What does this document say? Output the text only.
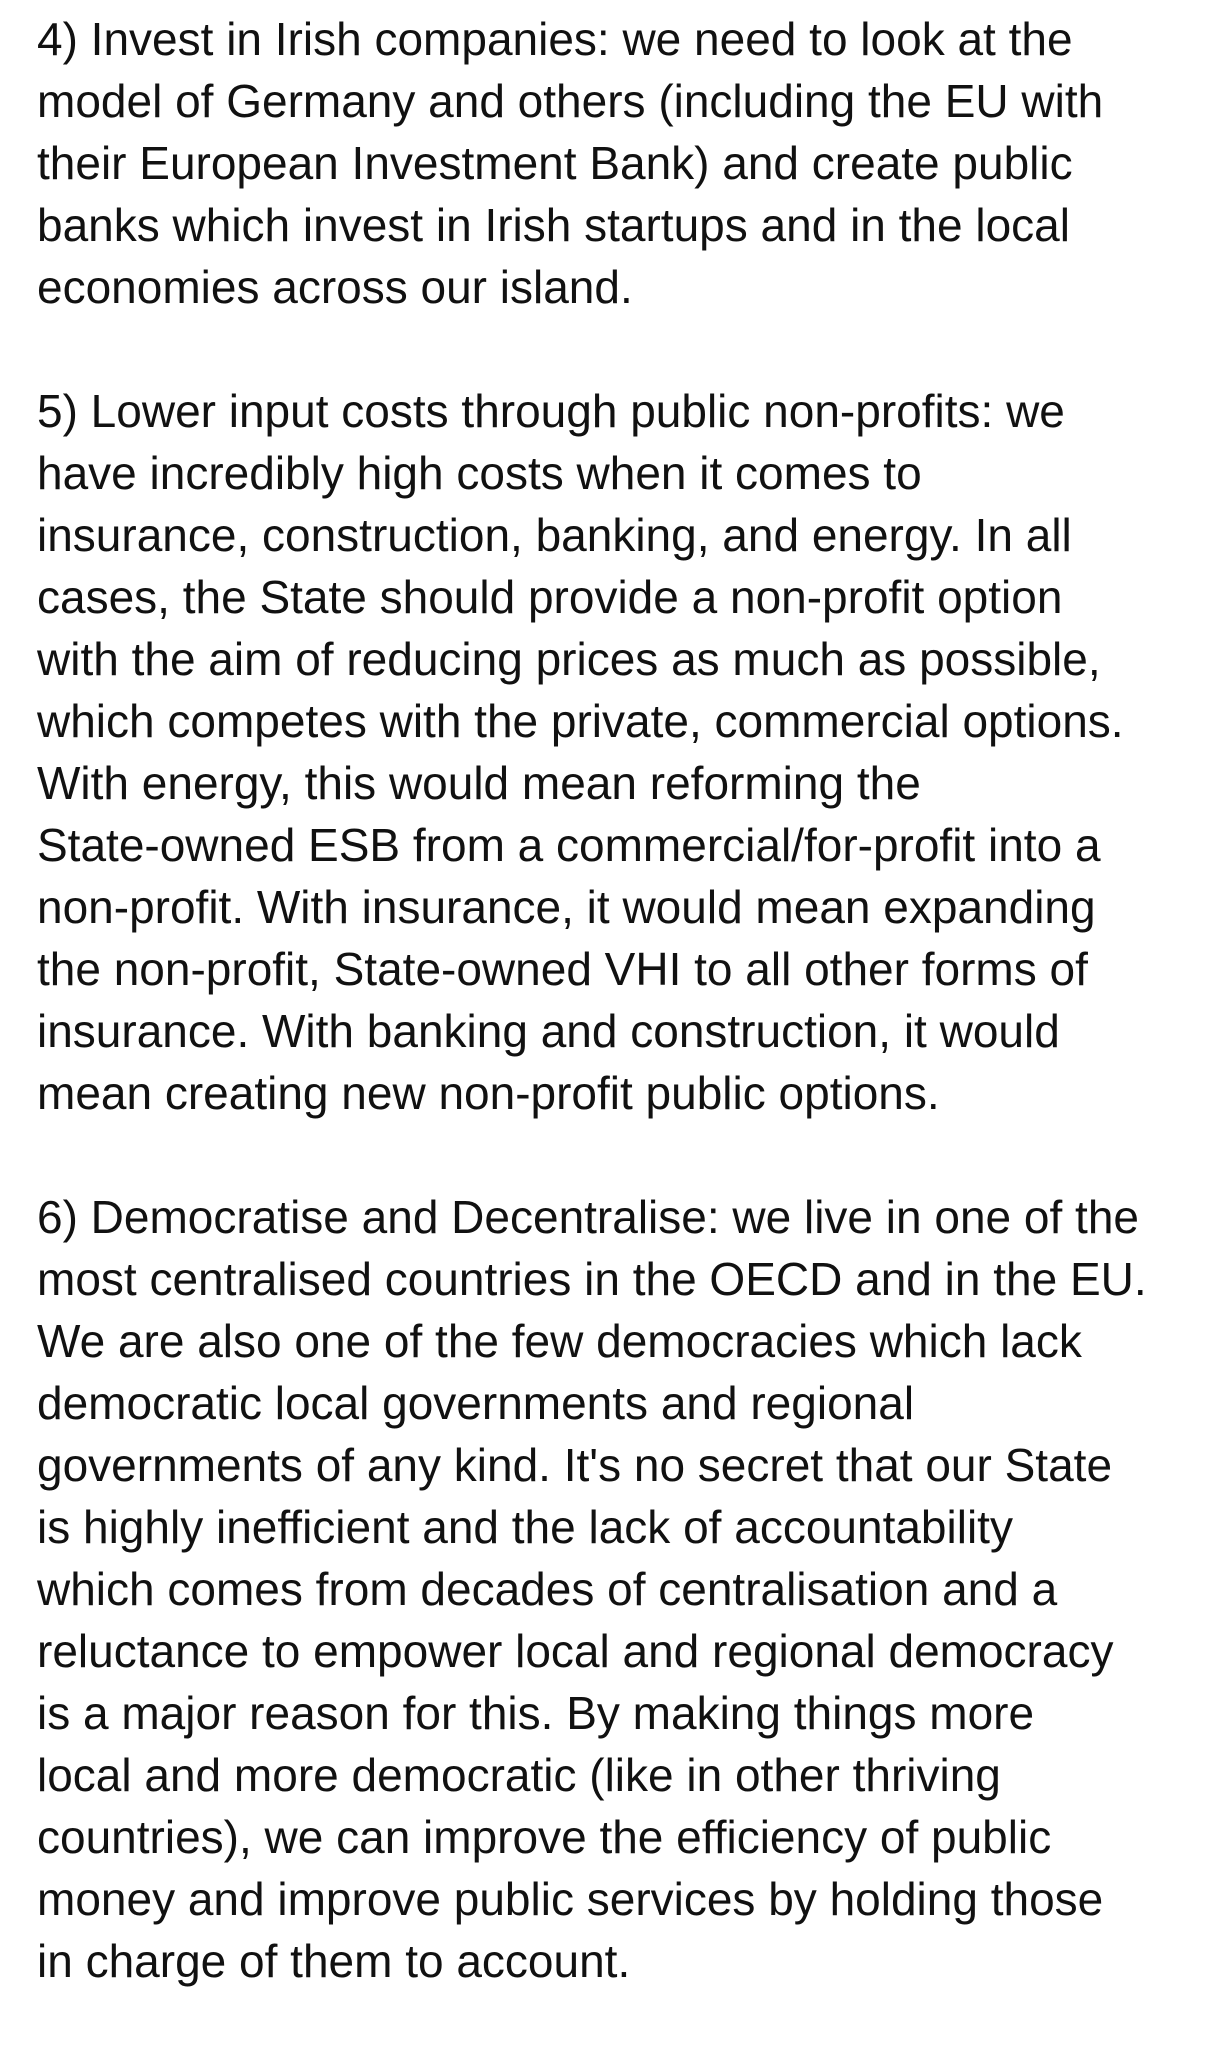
4) Invest in Irish companies: we need to look at the
model of Germany and others (including the EU with
their European Investment Bank) and create public
banks which invest in Irish startups and in the local
economies across our island.

5) Lower input costs through public non-profits: we
have incredibly high costs when it comes to
insurance, construction, banking, and energy. In all
cases, the State should provide a non-profit option
with the aim of reducing prices as much as possible,
which competes with the private, commercial options.
With energy, this would mean reforming the
State-owned ESB from a commercial/for-profit into a
non-profit. With insurance, it would mean expanding
the non-profit, State-owned VHI to all other forms of
insurance. With banking and construction, it would
mean creating new non-profit public options.

6) Democratise and Decentralise: we live in one of the
most centralised countries in the OECD and in the EU.
We are also one of the few democracies which lack
democratic local governments and regional
governments of any kind. It's no secret that our State
is highly inefficient and the lack of accountability
which comes from decades of centralisation and a
reluctance to empower local and regional democracy
is a major reason for this. By making things more
local and more democratic (like in other thriving
countries), we can improve the efficiency of public
money and improve public services by holding those
in charge of them to account.
